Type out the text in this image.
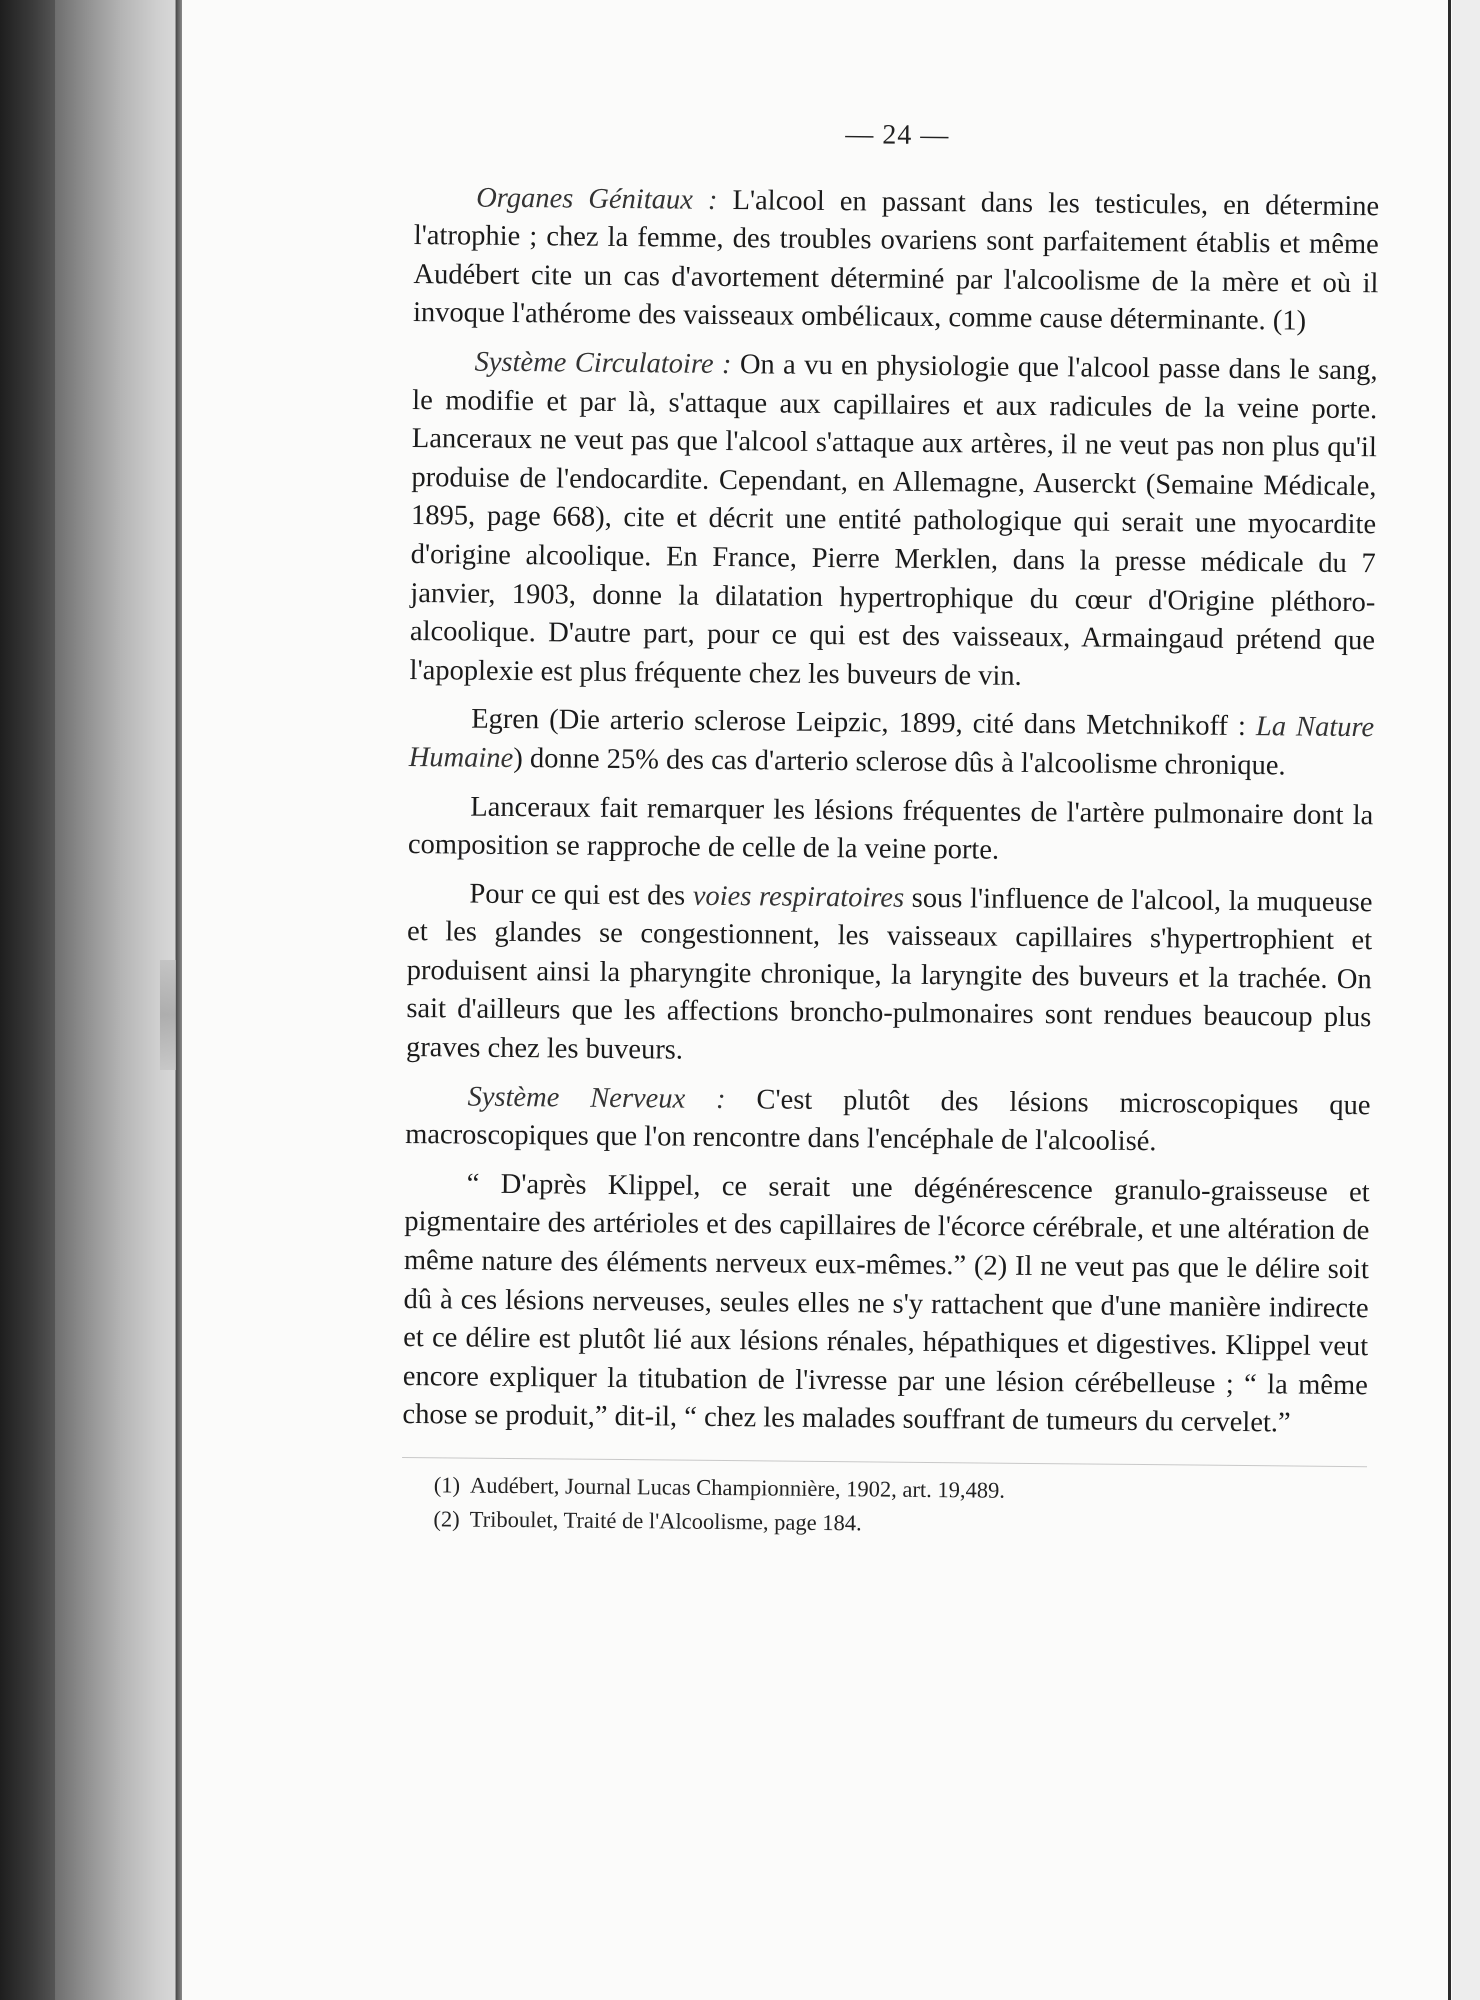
— 24 —

Organes Génitaux : L'alcool en passant dans les testicules, en détermine l'atrophie ; chez la femme, des troubles ovariens sont parfaitement établis et même Audébert cite un cas d'avortement déterminé par l'alcoolisme de la mère et où il invoque l'athérome des vaisseaux ombélicaux, comme cause déterminante. (1)

Système Circulatoire : On a vu en physiologie que l'alcool passe dans le sang, le modifie et par là, s'attaque aux capillaires et aux radicules de la veine porte. Lanceraux ne veut pas que l'alcool s'attaque aux artères, il ne veut pas non plus qu'il produise de l'endocardite. Cependant, en Allemagne, Auserckt (Semaine Médicale, 1895, page 668), cite et décrit une entité pathologique qui serait une myocardite d'origine alcoolique. En France, Pierre Merklen, dans la presse médicale du 7 janvier, 1903, donne la dilatation hypertrophique du cœur d'Origine pléthoro-alcoolique. D'autre part, pour ce qui est des vaisseaux, Armaingaud prétend que l'apoplexie est plus fréquente chez les buveurs de vin.

Egren (Die arterio sclerose Leipzic, 1899, cité dans Metchnikoff : La Nature Humaine) donne 25% des cas d'arterio sclerose dûs à l'alcoolisme chronique.

Lanceraux fait remarquer les lésions fréquentes de l'artère pulmonaire dont la composition se rapproche de celle de la veine porte.

Pour ce qui est des voies respiratoires sous l'influence de l'alcool, la muqueuse et les glandes se congestionnent, les vaisseaux capillaires s'hypertrophient et produisent ainsi la pharyngite chronique, la laryngite des buveurs et la trachée. On sait d'ailleurs que les affections broncho-pulmonaires sont rendues beaucoup plus graves chez les buveurs.

Système Nerveux : C'est plutôt des lésions microscopiques que macroscopiques que l'on rencontre dans l'encéphale de l'alcoolisé.

“ D'après Klippel, ce serait une dégénérescence granulo-graisseuse et pigmentaire des artérioles et des capillaires de l'écorce cérébrale, et une altération de même nature des éléments nerveux eux-mêmes.” (2) Il ne veut pas que le délire soit dû à ces lésions nerveuses, seules elles ne s'y rattachent que d'une manière indirecte et ce délire est plutôt lié aux lésions rénales, hépathiques et digestives. Klippel veut encore expliquer la titubation de l'ivresse par une lésion cérébelleuse ; “ la même chose se produit,” dit-il, “ chez les malades souffrant de tumeurs du cervelet.”

(1) Audébert, Journal Lucas Championnière, 1902, art. 19,489.

(2) Triboulet, Traité de l'Alcoolisme, page 184.
